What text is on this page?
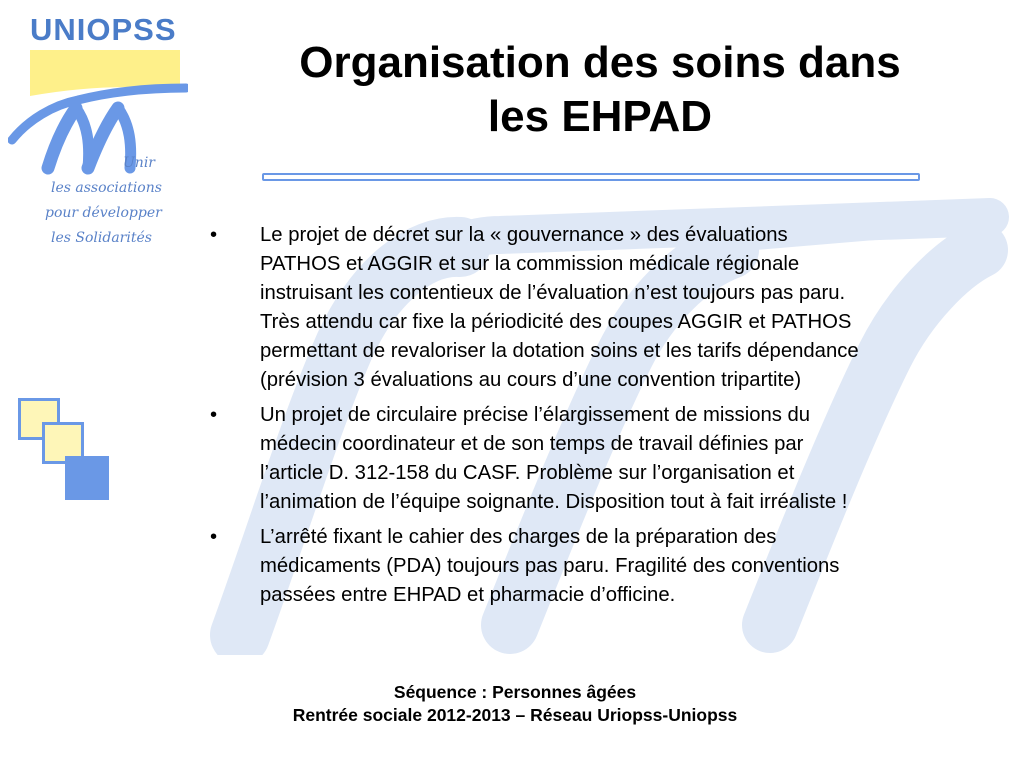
UNIOPSS
Unir
les associations
pour développer
les Solidarités
Organisation des soins dans
les EHPAD
• Le projet de décret sur la « gouvernance » des évaluations
PATHOS et AGGIR et sur la commission médicale régionale
instruisant les contentieux de l’évaluation n’est toujours pas paru.
Très attendu car fixe la périodicité des coupes AGGIR et PATHOS
permettant de revaloriser la dotation soins et les tarifs dépendance
(prévision 3 évaluations au cours d’une convention tripartite)
• Un projet de circulaire précise l’élargissement de missions du
médecin coordinateur et de son temps de travail définies par
l’article D. 312-158 du CASF. Problème sur l’organisation et
l’animation de l’équipe soignante. Disposition tout à fait irréaliste !
• L’arrêté fixant le cahier des charges de la préparation des
médicaments (PDA) toujours pas paru. Fragilité des conventions
passées entre EHPAD et pharmacie d’officine.
Séquence : Personnes âgées
Rentrée sociale 2012-2013 – Réseau Uriopss-Uniopss
